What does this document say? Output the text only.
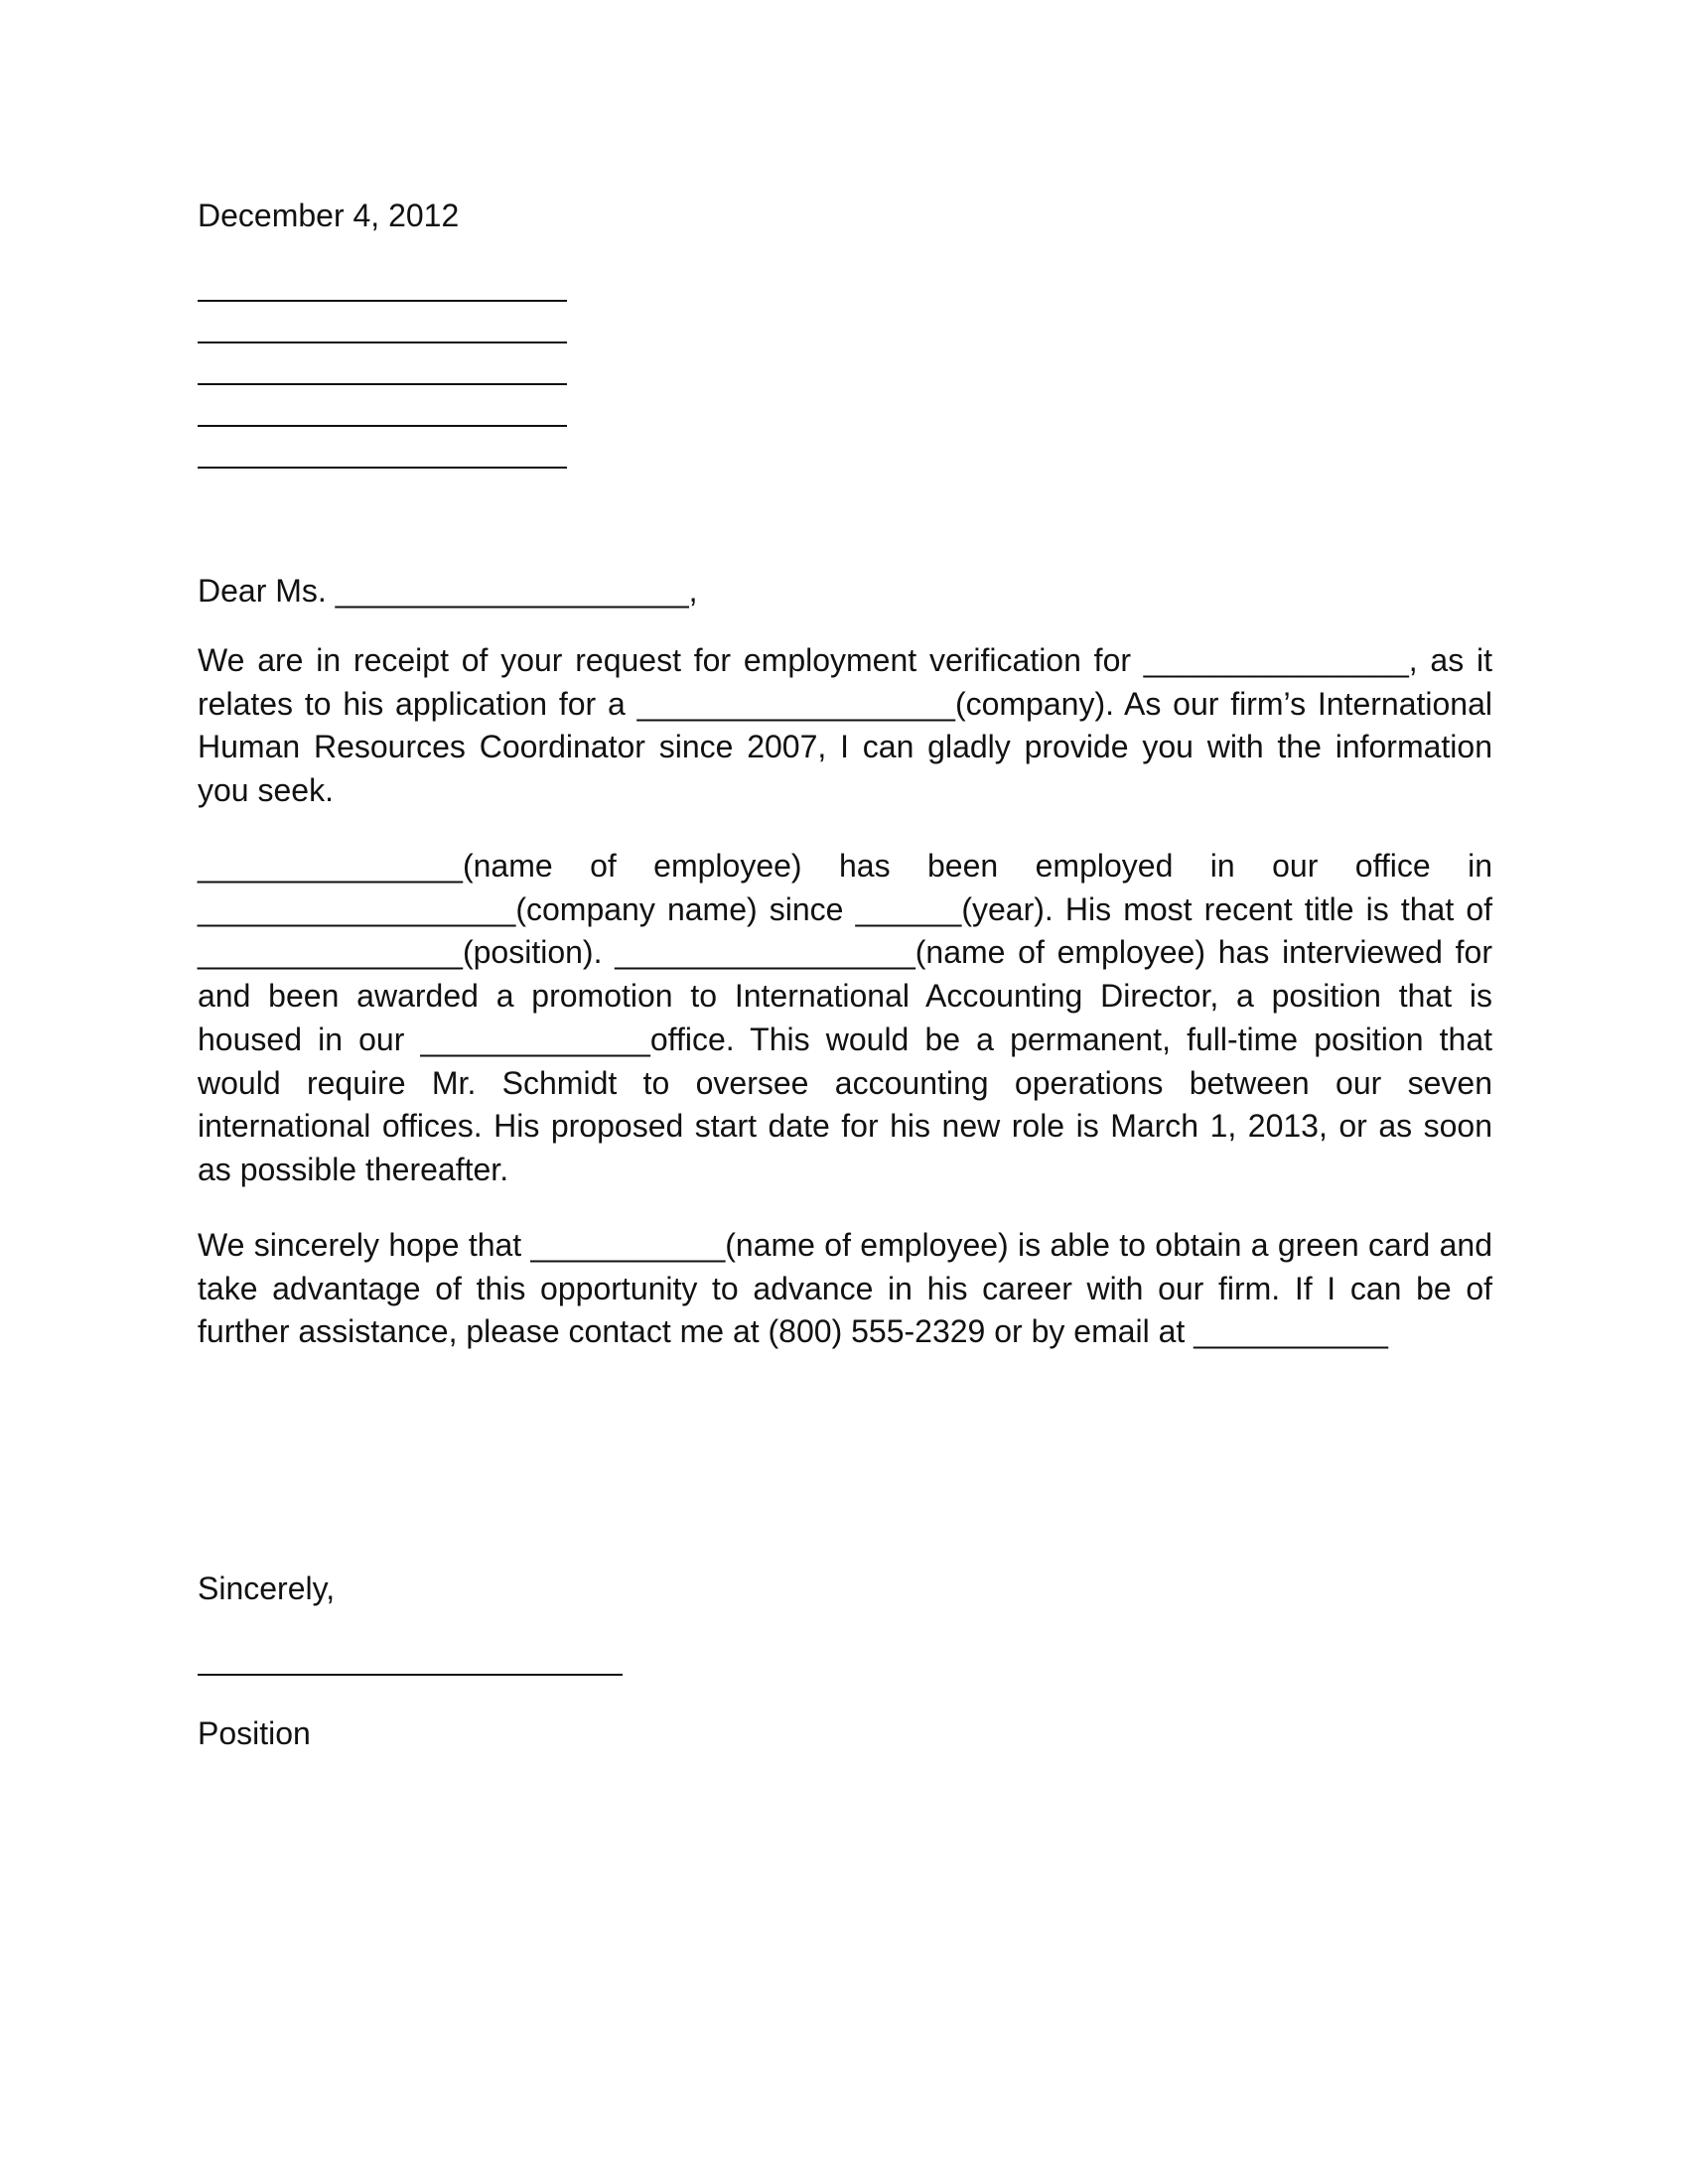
December 4, 2012
Dear Ms. ____________________,

We are in receipt of your request for employment verification for _______________, as it relates to his application for a __________________(company). As our firm’s International Human Resources Coordinator since 2007, I can gladly provide you with the information you seek.

_______________(name of employee) has been employed in our office in __________________(company name) since ______(year). His most recent title is that of _______________(position). _________________(name of employee) has interviewed for and been awarded a promotion to International Accounting Director, a position that is housed in our _____________office. This would be a permanent, full-time position that would require Mr. Schmidt to oversee accounting operations between our seven international offices. His proposed start date for his new role is March 1, 2013, or as soon as possible thereafter.

We sincerely hope that ___________(name of employee) is able to obtain a green card and take advantage of this opportunity to advance in his career with our firm. If I can be of further assistance, please contact me at (800) 555-2329 or by email at ___________

Sincerely,
Position
